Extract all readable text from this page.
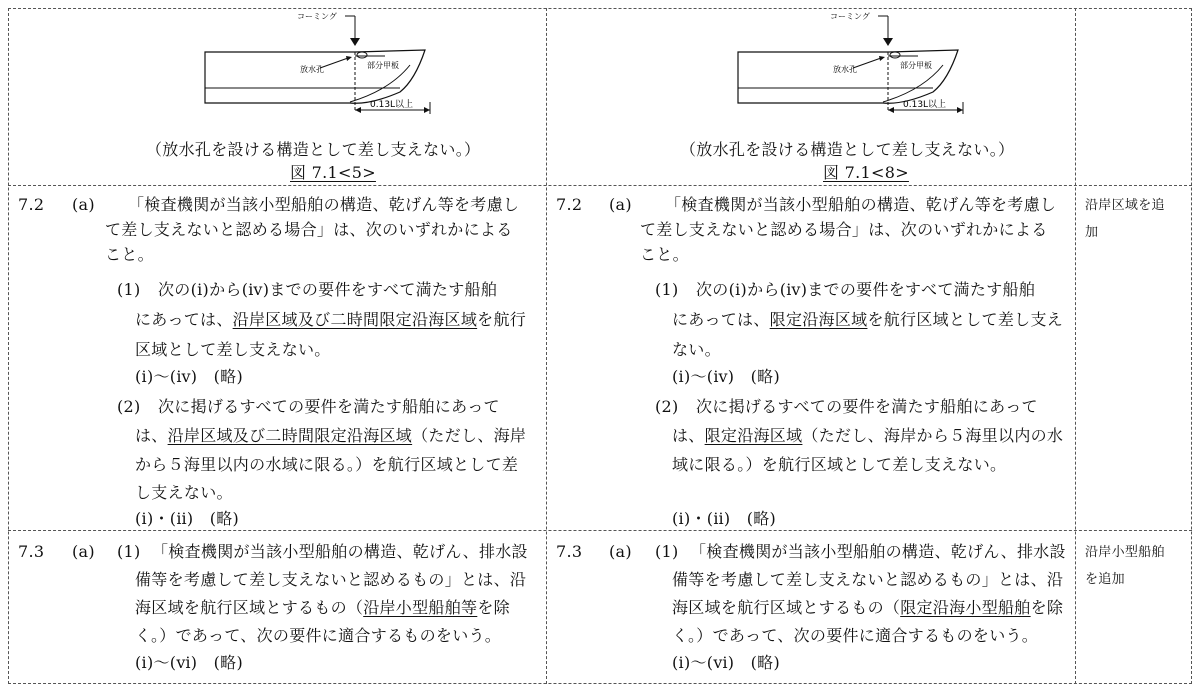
コーミング
放水孔	部分甲板
0.13L以上
（放水孔を設ける構造として差し支えない。）
図 7.1<5>
コーミング
放水孔	部分甲板
0.13L以上
（放水孔を設ける構造として差し支えない。）
図 7.1<8>
7.2 (a) 「検査機関が当該小型船舶の構造、乾げん等を考慮し
て差し支えないと認める場合」は、次のいずれかによる
こと。
(1) 次の(ⅰ)から(ⅳ)までの要件をすべて満たす船舶
にあっては、沿岸区域及び二時間限定沿海区域を航行
区域として差し支えない。
(ⅰ)～(ⅳ)　(略)
(2) 次に掲げるすべての要件を満たす船舶にあって
は、沿岸区域及び二時間限定沿海区域（ただし、海岸
から５海里以内の水域に限る。）を航行区域として差
し支えない。
(ⅰ)・(ⅱ)　(略)
7.2 (a) 「検査機関が当該小型船舶の構造、乾げん等を考慮し
て差し支えないと認める場合」は、次のいずれかによる
こと。
(1) 次の(ⅰ)から(ⅳ)までの要件をすべて満たす船舶
にあっては、限定沿海区域を航行区域として差し支え
ない。
(ⅰ)～(ⅳ)　(略)
(2) 次に掲げるすべての要件を満たす船舶にあって
は、限定沿海区域（ただし、海岸から５海里以内の水
域に限る。）を航行区域として差し支えない。
(ⅰ)・(ⅱ)　(略)
沿岸区域を追
加
7.3 (a) (1) 「検査機関が当該小型船舶の構造、乾げん、排水設
備等を考慮して差し支えないと認めるもの」とは、沿
海区域を航行区域とするもの（沿岸小型船舶等を除
く。）であって、次の要件に適合するものをいう。
(ⅰ)～(ⅵ)　(略)
7.3 (a) (1) 「検査機関が当該小型船舶の構造、乾げん、排水設
備等を考慮して差し支えないと認めるもの」とは、沿
海区域を航行区域とするもの（限定沿海小型船舶を除
く。）であって、次の要件に適合するものをいう。
(ⅰ)～(ⅵ)　(略)
沿岸小型船舶
を追加
